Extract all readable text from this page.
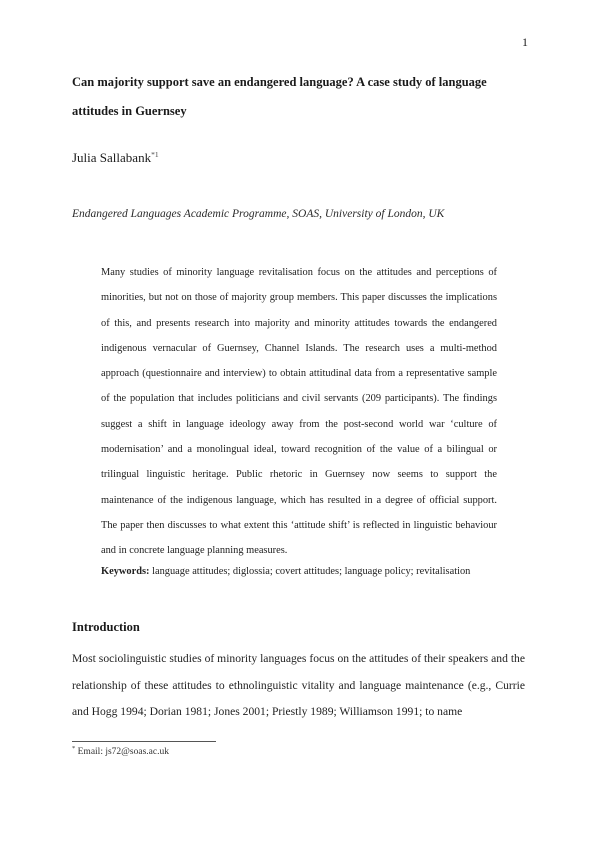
1
Can majority support save an endangered language? A case study of language attitudes in Guernsey
Julia Sallabank$^{*1}$
Endangered Languages Academic Programme, SOAS, University of London, UK

Many studies of minority language revitalisation focus on the attitudes and perceptions of minorities, but not on those of majority group members. This paper discusses the implications of this, and presents research into majority and minority attitudes towards the endangered indigenous vernacular of Guernsey, Channel Islands. The research uses a multi-method approach (questionnaire and interview) to obtain attitudinal data from a representative sample of the population that includes politicians and civil servants (209 participants). The findings suggest a shift in language ideology away from the post-second world war ‘culture of modernisation’ and a monolingual ideal, toward recognition of the value of a bilingual or trilingual linguistic heritage. Public rhetoric in Guernsey now seems to support the maintenance of the indigenous language, which has resulted in a degree of official support. The paper then discusses to what extent this ‘attitude shift’ is reflected in linguistic behaviour and in concrete language planning measures.

Keywords: language attitudes; diglossia; covert attitudes; language policy; revitalisation
Introduction

Most sociolinguistic studies of minority languages focus on the attitudes of their speakers and the relationship of these attitudes to ethnolinguistic vitality and language maintenance (e.g., Currie and Hogg 1994; Dorian 1981; Jones 2001; Priestly 1989; Williamson 1991; to name

* Email: js72@soas.ac.uk
